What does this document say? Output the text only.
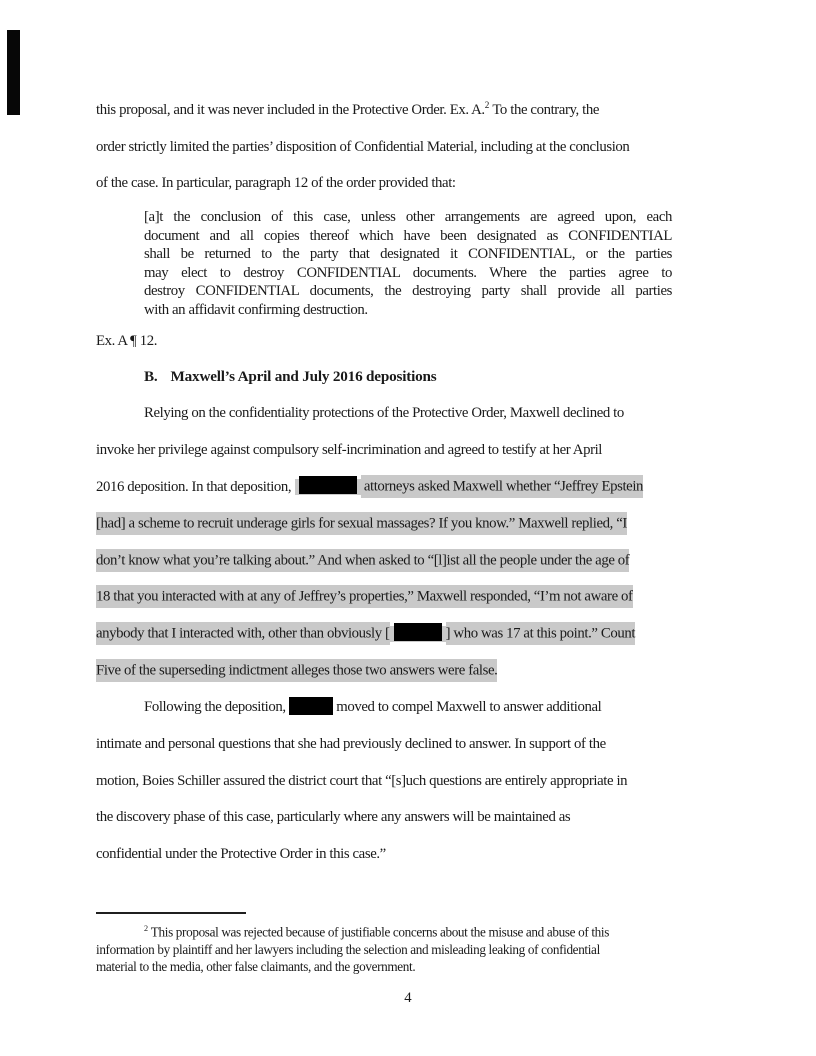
this proposal, and it was never included in the Protective Order. Ex. A.$^2$ To the contrary, the
order strictly limited the parties’ disposition of Confidential Material, including at the conclusion
of the case. In particular, paragraph 12 of the order provided that:
[a]t the conclusion of this case, unless other arrangements are agreed upon, each
document and all copies thereof which have been designated as CONFIDENTIAL
shall be returned to the party that designated it CONFIDENTIAL, or the parties
may elect to destroy CONFIDENTIAL documents. Where the parties agree to
destroy CONFIDENTIAL documents, the destroying party shall provide all parties
with an affidavit confirming destruction.
Ex. A ¶ 12.
B. Maxwell’s April and July 2016 depositions
Relying on the confidentiality protections of the Protective Order, Maxwell declined to
invoke her privilege against compulsory self-incrimination and agreed to testify at her April
2016 deposition. In that deposition,	attorneys asked Maxwell whether “Jeffrey Epstein
[had] a scheme to recruit underage girls for sexual massages? If you know.” Maxwell replied, “I
don’t know what you’re talking about.” And when asked to “[l]ist all the people under the age of
18 that you interacted with at any of Jeffrey’s properties,” Maxwell responded, “I’m not aware of
anybody that I interacted with, other than obviously [	] who was 17 at this point.” Count
Five of the superseding indictment alleges those two answers were false.
Following the deposition,	moved to compel Maxwell to answer additional
intimate and personal questions that she had previously declined to answer. In support of the
motion, Boies Schiller assured the district court that “[s]uch questions are entirely appropriate in
the discovery phase of this case, particularly where any answers will be maintained as
confidential under the Protective Order in this case.”
$^2$ This proposal was rejected because of justifiable concerns about the misuse and abuse of this
information by plaintiff and her lawyers including the selection and misleading leaking of confidential
material to the media, other false claimants, and the government.
4
